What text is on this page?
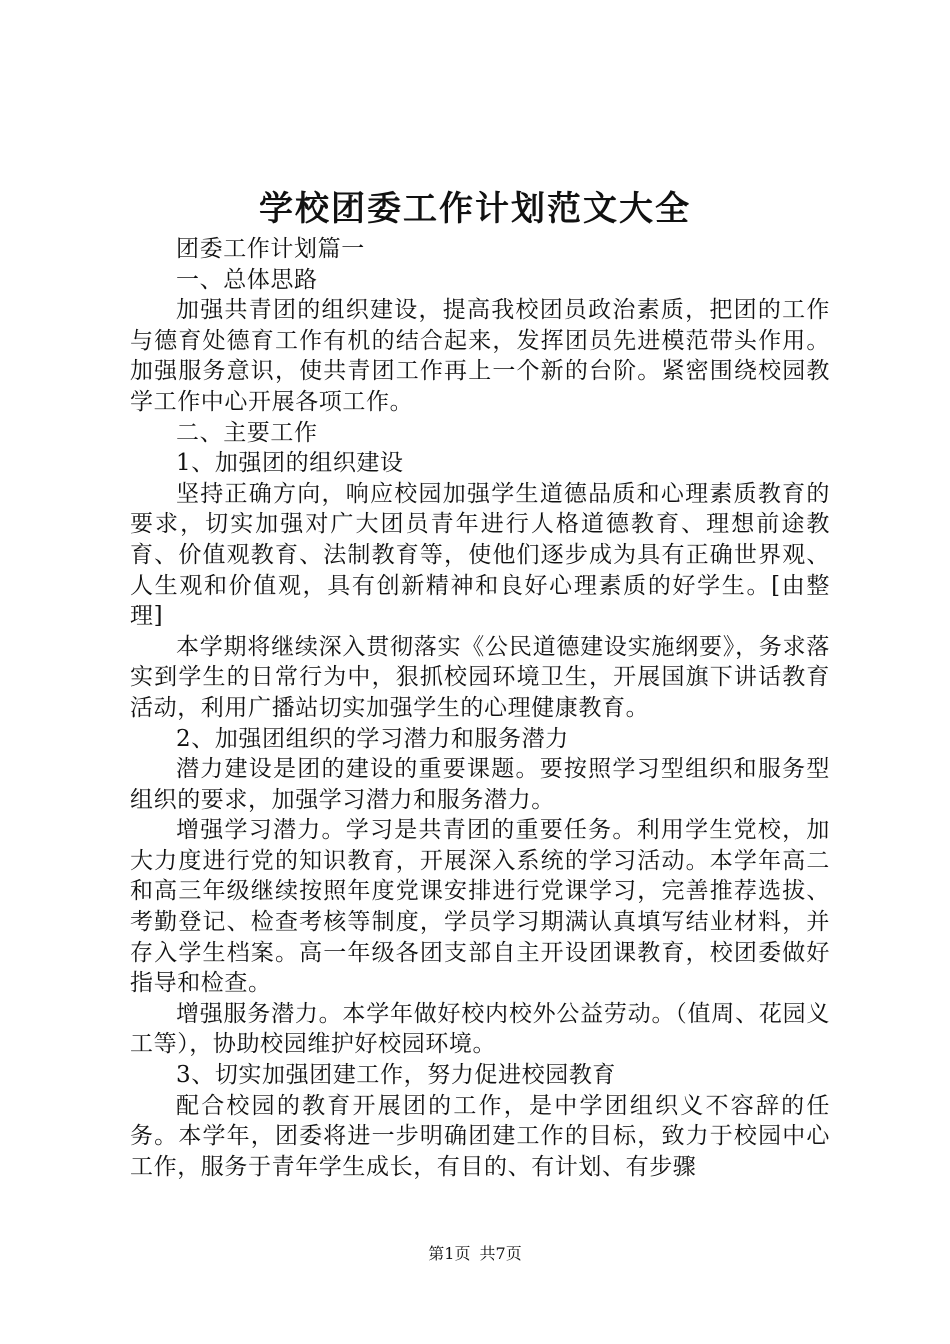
学校团委工作计划范文大全

团委工作计划篇一

一、总体思路

加强共青团的组织建设，提高我校团员政治素质，把团的工作与德育处德育工作有机的结合起来，发挥团员先进模范带头作用。加强服务意识，使共青团工作再上一个新的台阶。紧密围绕校园教学工作中心开展各项工作。

二、主要工作

1、加强团的组织建设

坚持正确方向，响应校园加强学生道德品质和心理素质教育的要求，切实加强对广大团员青年进行人格道德教育、理想前途教育、价值观教育、法制教育等，使他们逐步成为具有正确世界观、人生观和价值观，具有创新精神和良好心理素质的好学生。[由整理]

本学期将继续深入贯彻落实《公民道德建设实施纲要》，务求落实到学生的日常行为中，狠抓校园环境卫生，开展国旗下讲话教育活动，利用广播站切实加强学生的心理健康教育。

2、加强团组织的学习潜力和服务潜力

潜力建设是团的建设的重要课题。要按照学习型组织和服务型组织的要求，加强学习潜力和服务潜力。

增强学习潜力。学习是共青团的重要任务。利用学生党校，加大力度进行党的知识教育，开展深入系统的学习活动。本学年高二和高三年级继续按照年度党课安排进行党课学习，完善推荐选拔、考勤登记、检查考核等制度，学员学习期满认真填写结业材料，并存入学生档案。高一年级各团支部自主开设团课教育，校团委做好指导和检查。

增强服务潜力。本学年做好校内校外公益劳动。（值周、花园义工等），协助校园维护好校园环境。

3、切实加强团建工作，努力促进校园教育

配合校园的教育开展团的工作，是中学团组织义不容辞的任务。本学年，团委将进一步明确团建工作的目标，致力于校园中心工作，服务于青年学生成长，有目的、有计划、有步骤

第1页 共7页
